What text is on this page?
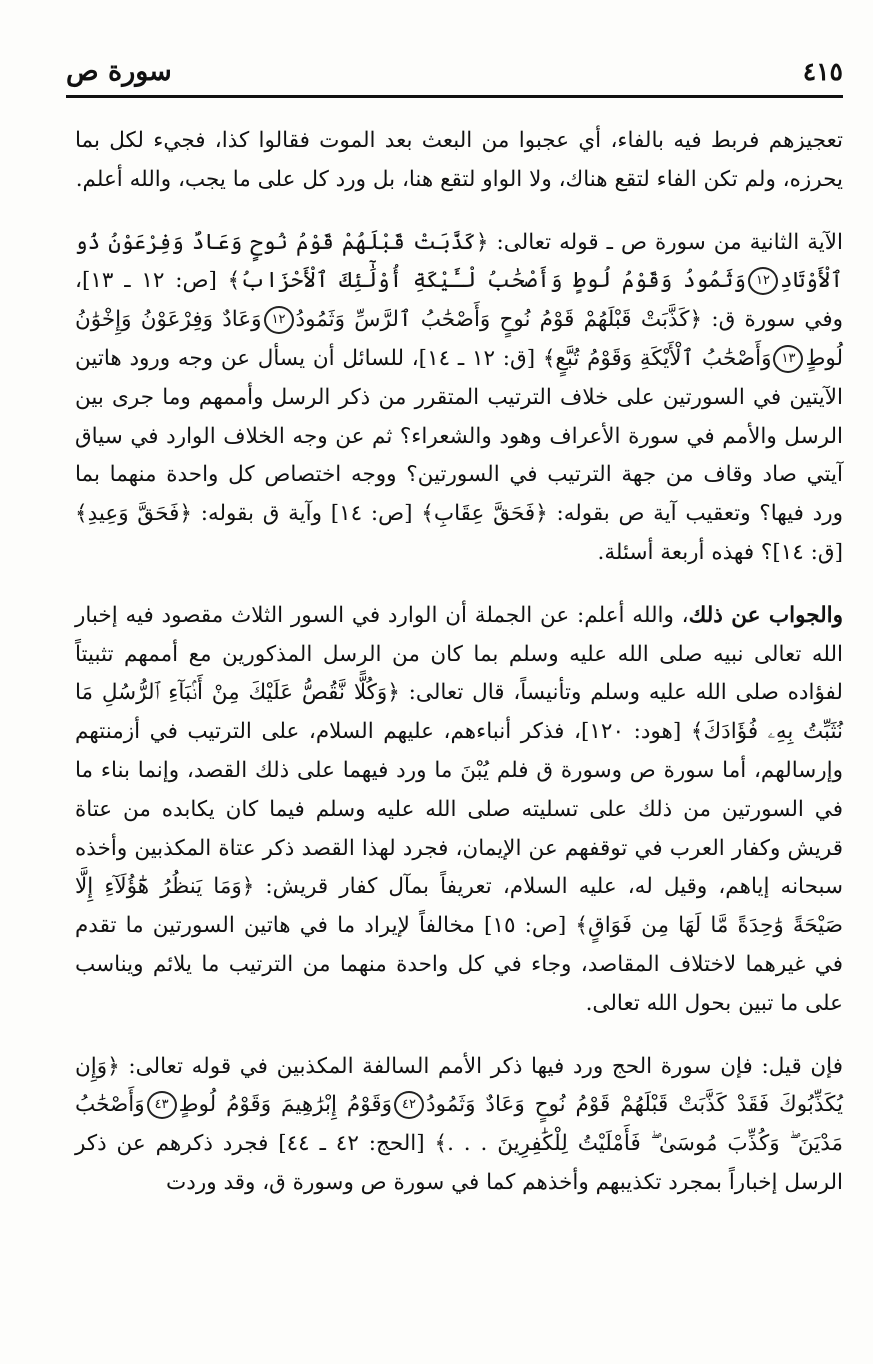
سورة ص	٤١٥

تعجيزهم فربط فيه بالفاء، أي عجبوا من البعث بعد الموت فقالوا كذا، فجيء لكل بما يحرزه، ولم تكن الفاء لتقع هناك، ولا الواو لتقع هنا، بل ورد كل على ما يجب، والله أعلم.

الآية الثانية من سورة ص ـ قوله تعالى: ﴿كَذَّبَتْ قَبْلَهُمْ قَوْمُ نُوحٍ وَعَادٌ وَفِرْعَوْنُ ذُو ٱلْأَوْتَادِ١٢وَثَمُودُ وَقَوْمُ لُوطٍ وَأَصْحَٰبُ لْـَٔيْكَةِ أُوْلَٰٓئِكَ ٱلْأَحْزَابُ﴾ [ص: ١٢ ـ ١٣]، وفي سورة ق: ﴿كَذَّبَتْ قَبْلَهُمْ قَوْمُ نُوحٍ وَأَصْحَٰبُ ٱلرَّسِّ وَثَمُودُ١٢وَعَادٌ وَفِرْعَوْنُ وَإِخْوَٰنُ لُوطٍ١٣وَأَصْحَٰبُ ٱلْأَيْكَةِ وَقَوْمُ تُبَّعٍ﴾ [ق: ١٢ ـ ١٤]، للسائل أن يسأل عن وجه ورود هاتين الآيتين في السورتين على خلاف الترتيب المتقرر من ذكر الرسل وأممهم وما جرى بين الرسل والأمم في سورة الأعراف وهود والشعراء؟ ثم عن وجه الخلاف الوارد في سياق آيتي صاد وقاف من جهة الترتيب في السورتين؟ ووجه اختصاص كل واحدة منهما بما ورد فيها؟ وتعقيب آية ص بقوله: ﴿فَحَقَّ عِقَابِ﴾ [ص: ١٤] وآية ق بقوله: ﴿فَحَقَّ وَعِيدِ﴾ [ق: ١٤]؟ فهذه أربعة أسئلة.

والجواب عن ذلك، والله أعلم: عن الجملة أن الوارد في السور الثلاث مقصود فيه إخبار الله تعالى نبيه صلى الله عليه وسلم بما كان من الرسل المذكورين مع أممهم تثبيتاً لفؤاده صلى الله عليه وسلم وتأنيساً، قال تعالى: ﴿وَكُلًّا نَّقُصُّ عَلَيْكَ مِنْ أَنۢبَآءِ ٱلرُّسُلِ مَا نُثَبِّتُ بِهِۦ فُؤَادَكَ﴾ [هود: ١٢٠]، فذكر أنباءهم، عليهم السلام، على الترتيب في أزمنتهم وإرسالهم، أما سورة ص وسورة ق فلم يُبْنَ ما ورد فيهما على ذلك القصد، وإنما بناء ما في السورتين من ذلك على تسليته صلى الله عليه وسلم فيما كان يكابده من عتاة قريش وكفار العرب في توقفهم عن الإيمان، فجرد لهذا القصد ذكر عتاة المكذبين وأخذه سبحانه إياهم، وقيل له، عليه السلام، تعريفاً بمآل كفار قريش: ﴿وَمَا يَنظُرُ هَٰٓؤُلَآءِ إِلَّا صَيْحَةً وَٰحِدَةً مَّا لَهَا مِن فَوَاقٍ﴾ [ص: ١٥] مخالفاً لإيراد ما في هاتين السورتين ما تقدم في غيرهما لاختلاف المقاصد، وجاء في كل واحدة منهما من الترتيب ما يلائم ويناسب على ما تبين بحول الله تعالى.

فإن قيل: فإن سورة الحج ورد فيها ذكر الأمم السالفة المكذبين في قوله تعالى: ﴿وَإِن يُكَذِّبُوكَ فَقَدْ كَذَّبَتْ قَبْلَهُمْ قَوْمُ نُوحٍ وَعَادٌ وَثَمُودُ٤٢وَقَوْمُ إِبْرَٰهِيمَ وَقَوْمُ لُوطٍ٤٣وَأَصْحَٰبُ مَدْيَنَ ۖ وَكُذِّبَ مُوسَىٰ ۖ فَأَمْلَيْتُ لِلْكَٰفِرِينَ . . .﴾ [الحج: ٤٢ ـ ٤٤] فجرد ذكرهم عن ذكر الرسل إخباراً بمجرد تكذيبهم وأخذهم كما في سورة ص وسورة ق، وقد وردت
